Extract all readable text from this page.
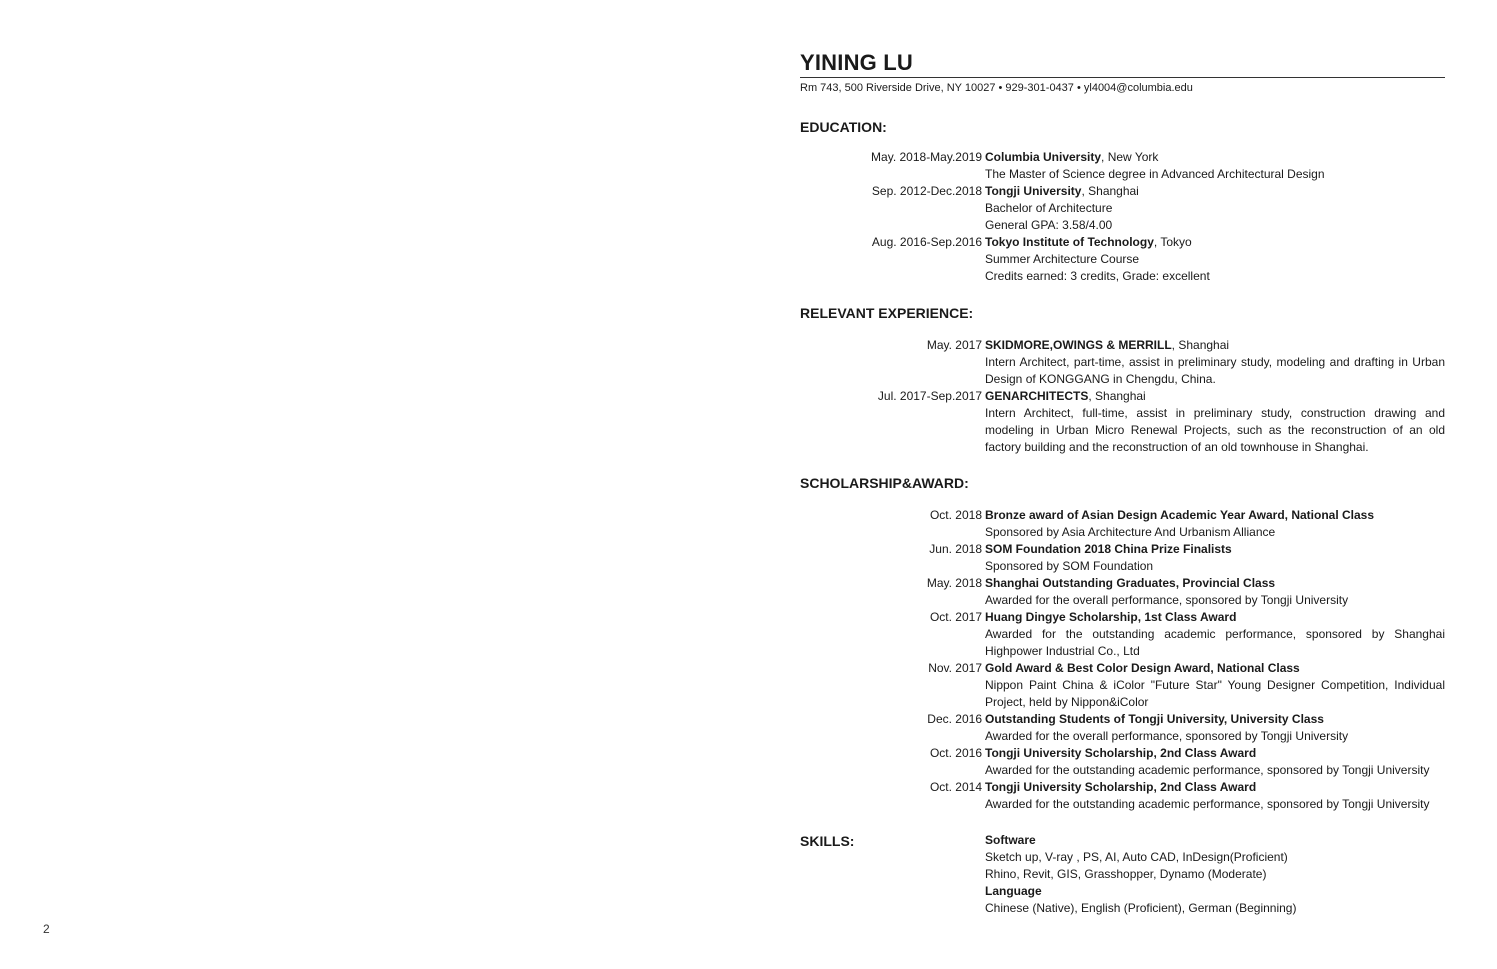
YINING LU
Rm 743, 500 Riverside Drive, NY 10027 • 929-301-0437 • yl4004@columbia.edu
EDUCATION:
May. 2018-May.2019 Columbia University, New York
The Master of Science degree in Advanced Architectural Design
Sep. 2012-Dec.2018 Tongji University, Shanghai
Bachelor of Architecture
General GPA: 3.58/4.00
Aug. 2016-Sep.2016 Tokyo Institute of Technology, Tokyo
Summer Architecture Course
Credits earned: 3 credits, Grade: excellent
RELEVANT EXPERIENCE:
May. 2017 SKIDMORE,OWINGS & MERRILL, Shanghai
Intern Architect, part-time, assist in preliminary study, modeling and drafting in Urban Design of KONGGANG in Chengdu, China.
Jul. 2017-Sep.2017 GENARCHITECTS, Shanghai
Intern Architect, full-time, assist in preliminary study, construction drawing and modeling in Urban Micro Renewal Projects, such as the reconstruction of an old factory building and the reconstruction of an old townhouse in Shanghai.
SCHOLARSHIP&AWARD:
Oct. 2018 Bronze award of Asian Design Academic Year Award, National Class
Sponsored by Asia Architecture And Urbanism Alliance
Jun. 2018 SOM Foundation 2018 China Prize Finalists
Sponsored by SOM Foundation
May. 2018 Shanghai Outstanding Graduates, Provincial Class
Awarded for the overall performance, sponsored by Tongji University
Oct. 2017 Huang Dingye Scholarship, 1st Class Award
Awarded for the outstanding academic performance, sponsored by Shanghai Highpower Industrial Co., Ltd
Nov. 2017 Gold Award & Best Color Design Award, National Class
Nippon Paint China & iColor "Future Star" Young Designer Competition, Individual Project, held by Nippon&iColor
Dec. 2016 Outstanding Students of Tongji University, University Class
Awarded for the overall performance, sponsored by Tongji University
Oct. 2016 Tongji University Scholarship, 2nd Class Award
Awarded for the outstanding academic performance, sponsored by Tongji University
Oct. 2014 Tongji University Scholarship, 2nd Class Award
Awarded for the outstanding academic performance, sponsored by Tongji University
SKILLS:	Software
Sketch up, V-ray , PS, AI, Auto CAD, InDesign(Proficient)
Rhino, Revit, GIS, Grasshopper, Dynamo (Moderate)
Language
Chinese (Native), English (Proficient), German (Beginning)
2
